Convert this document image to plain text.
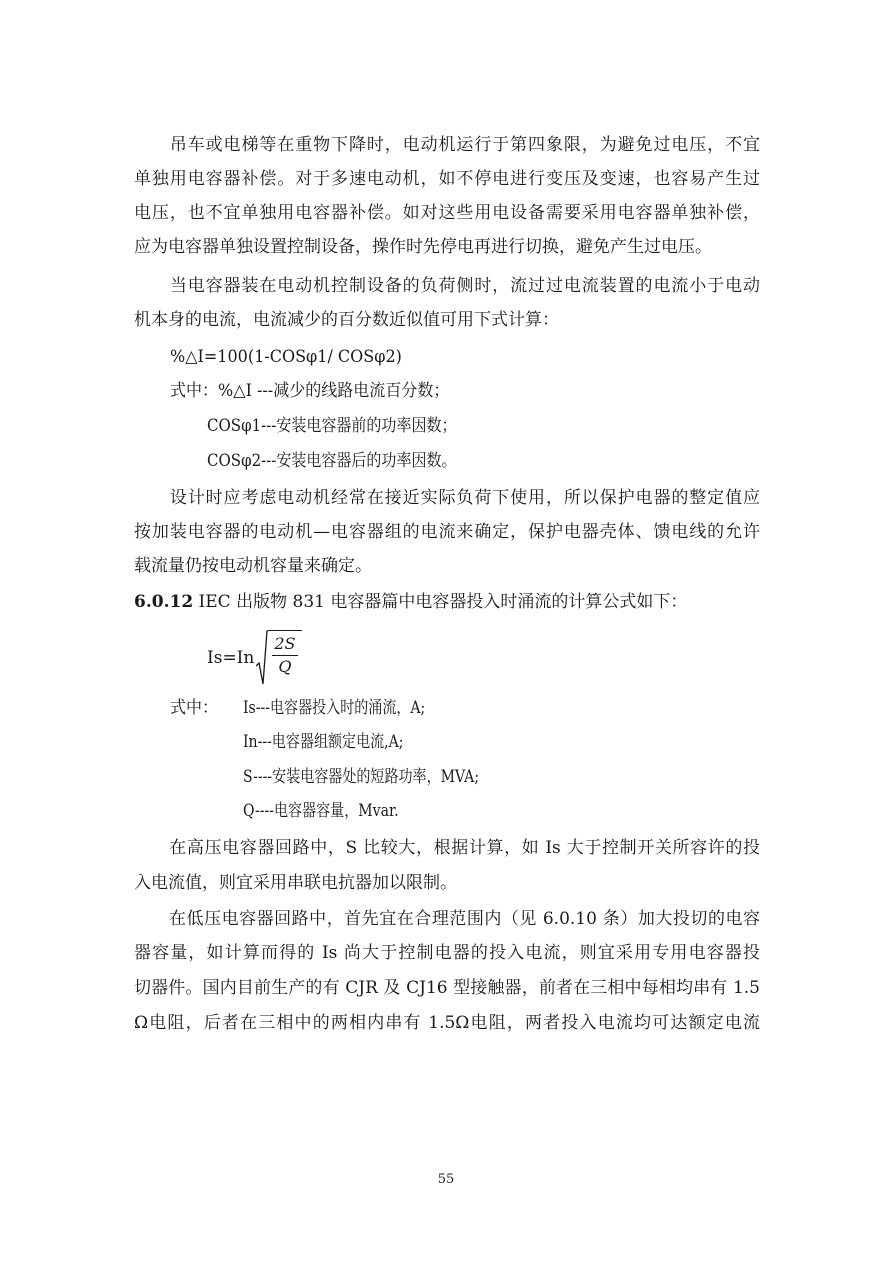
　　吊车或电梯等在重物下降时，电动机运行于第四象限，为避免过电压，不宜
单独用电容器补偿。对于多速电动机，如不停电进行变压及变速，也容易产生过
电压，也不宜单独用电容器补偿。如对这些用电设备需要采用电容器单独补偿，
应为电容器单独设置控制设备，操作时先停电再进行切换，避免产生过电压。
　　当电容器装在电动机控制设备的负荷侧时，流过过电流装置的电流小于电动
机本身的电流，电流减少的百分数近似值可用下式计算：
%△I=100(1-COSφ1/ COSφ2)
式中：%△I ---减少的线路电流百分数；
COSφ1---安装电容器前的功率因数；
COSφ2---安装电容器后的功率因数。
　　设计时应考虑电动机经常在接近实际负荷下使用，所以保护电器的整定值应
按加装电容器的电动机—电容器组的电流来确定，保护电器壳体、馈电线的允许
载流量仍按电动机容量来确定。
6.0.12 IEC 出版物 831 电容器篇中电容器投入时涌流的计算公式如下：
$Is=In \frac{2S}{Q}$
式中：	Is---电容器投入时的涌流，A;
In---电容器组额定电流,A;
S----安装电容器处的短路功率，MVA;
Q----电容器容量，Mvar.
　　在高压电容器回路中，S 比较大，根据计算，如 Is 大于控制开关所容许的投
入电流值，则宜采用串联电抗器加以限制。
　　在低压电容器回路中，首先宜在合理范围内（见 6.0.10 条）加大投切的电容
器容量，如计算而得的 Is 尚大于控制电器的投入电流，则宜采用专用电容器投
切器件。国内目前生产的有 CJR 及 CJ16 型接触器，前者在三相中每相均串有 1.5
Ω电阻，后者在三相中的两相内串有 1.5Ω电阻，两者投入电流均可达额定电流
55
